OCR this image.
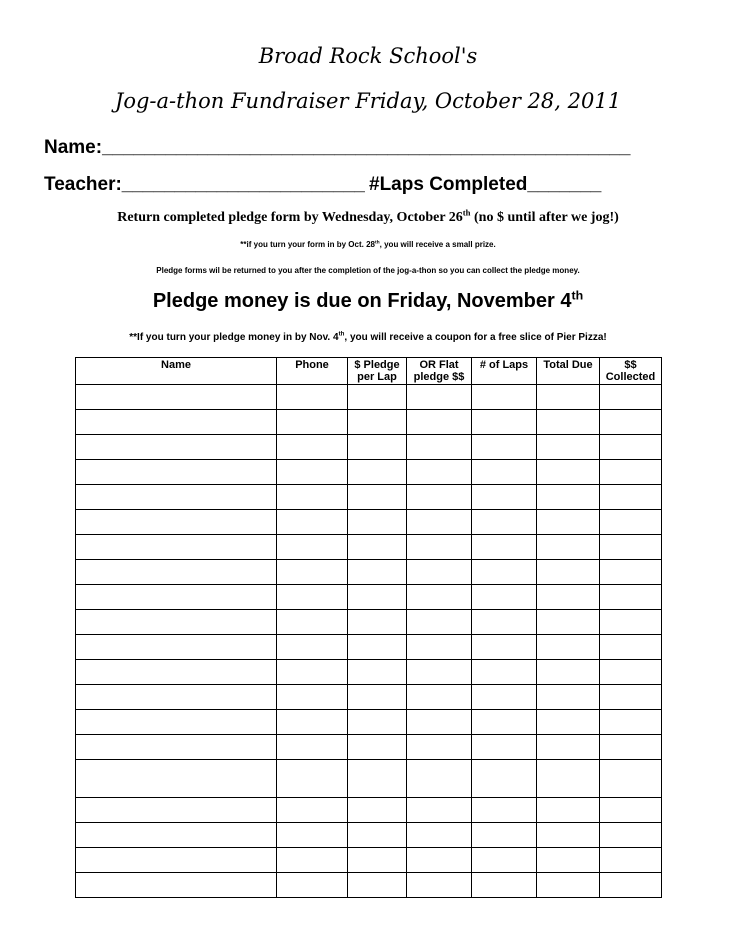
Broad Rock School's
Jog-a-thon Fundraiser Friday, October 28, 2011
Name:__________________________________________________
Teacher:_______________________ #Laps Completed_______
Return completed pledge form by Wednesday, October 26th (no $ until after we jog!)
**if you turn your form in by Oct. 28th, you will receive a small prize.
Pledge forms wil be returned to you after the completion of the jog-a-thon so you can collect the pledge money.
Pledge money is due on Friday, November 4th
**If you turn your pledge money in by Nov. 4th, you will receive a coupon for a free slice of Pier Pizza!
Name	Phone	$ Pledge per Lap	OR Flat pledge $$	# of Laps	Total Due	$$ Collected
